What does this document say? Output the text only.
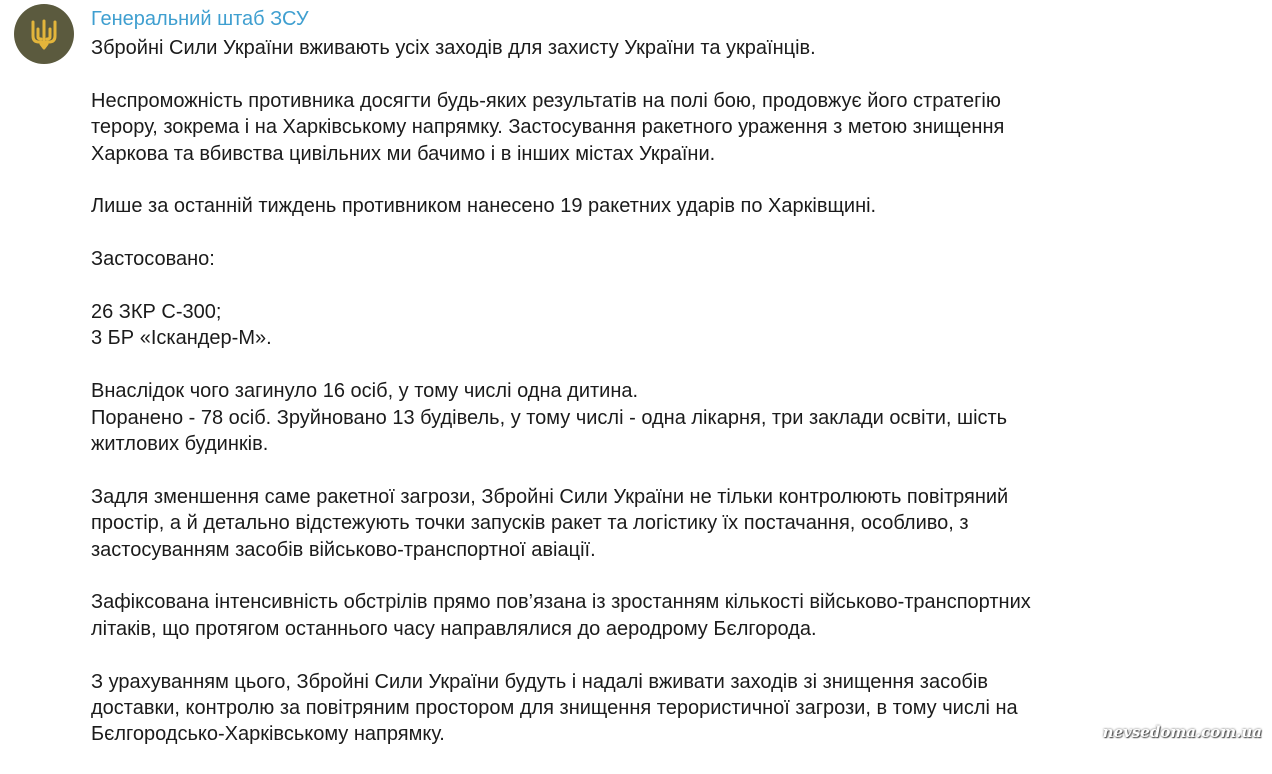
Генеральний штаб ЗСУ
Збройні Сили України вживають усіх заходів для захисту України та українців.
Неспроможність противника досягти будь-яких результатів на полі бою, продовжує його стратегію
терору, зокрема і на Харківському напрямку. Застосування ракетного ураження з метою знищення
Харкова та вбивства цивільних ми бачимо і в інших містах України.
Лише за останній тиждень противником нанесено 19 ракетних ударів по Харківщині.
Застосовано:
26 ЗКР С-300;
3 БР «Іскандер-М».
Внаслідок чого загинуло 16 осіб, у тому числі одна дитина.
Поранено - 78 осіб. Зруйновано 13 будівель, у тому числі - одна лікарня, три заклади освіти, шість
житлових будинків.
Задля зменшення саме ракетної загрози, Збройні Сили України не тільки контролюють повітряний
простір, а й детально відстежують точки запусків ракет та логістику їх постачання, особливо, з
застосуванням засобів військово-транспортної авіації.
Зафіксована інтенсивність обстрілів прямо пов’язана із зростанням кількості військово-транспортних
літаків, що протягом останнього часу направлялися до аеродрому Бєлгорода.
З урахуванням цього, Збройні Сили України будуть і надалі вживати заходів зі знищення засобів
доставки, контролю за повітряним простором для знищення терористичної загрози, в тому числі на
Бєлгородсько-Харківському напрямку.	nevsedoma.com.ua
